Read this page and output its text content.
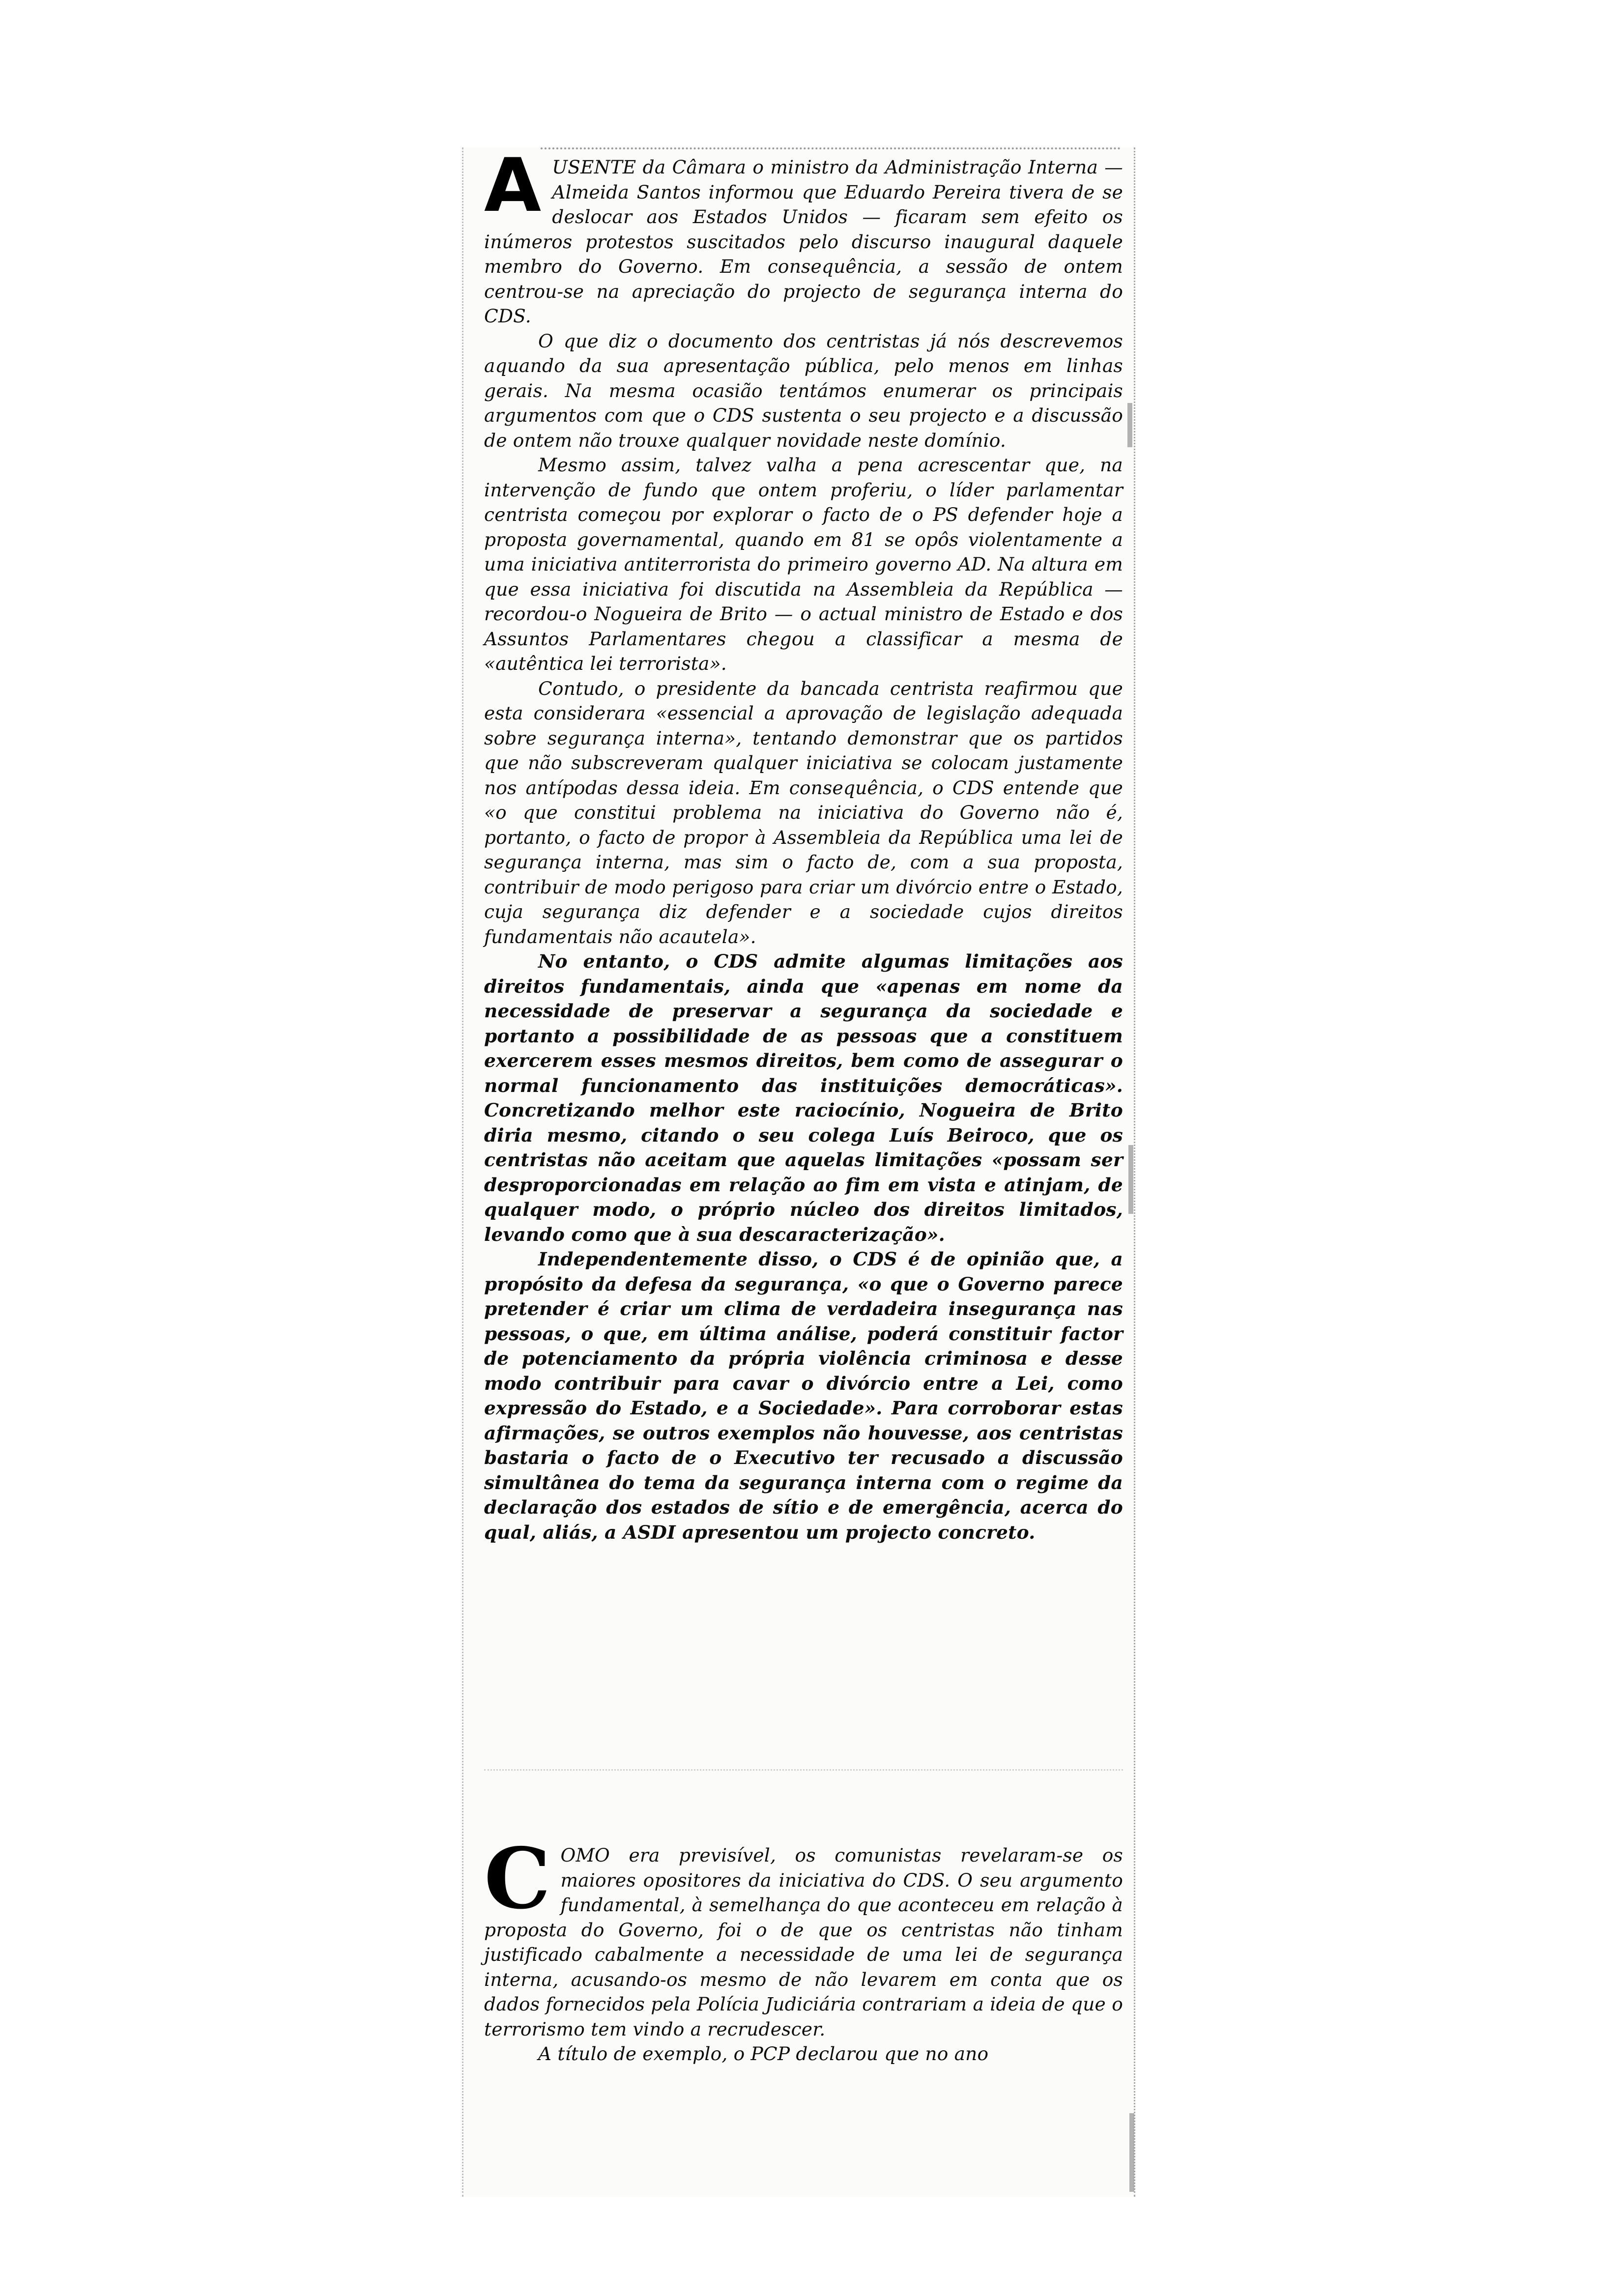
AUSENTE da Câmara o ministro da Administração Interna — Almeida Santos informou que Eduardo Pereira tivera de se deslocar aos Estados Unidos — ficaram sem efeito os inúmeros protestos suscitados pelo discurso inaugural daquele membro do Governo. Em consequência, a sessão de ontem centrou-se na apreciação do projecto de segurança interna do CDS.

O que diz o documento dos centristas já nós descrevemos aquando da sua apresentação pública, pelo menos em linhas gerais. Na mesma ocasião tentámos enumerar os principais argumentos com que o CDS sustenta o seu projecto e a discussão de ontem não trouxe qualquer novidade neste domínio.

Mesmo assim, talvez valha a pena acrescentar que, na intervenção de fundo que ontem proferiu, o líder parlamentar centrista começou por explorar o facto de o PS defender hoje a proposta governamental, quando em 81 se opôs violentamente a uma iniciativa antiterrorista do primeiro governo AD. Na altura em que essa iniciativa foi discutida na Assembleia da República — recordou-o Nogueira de Brito — o actual ministro de Estado e dos Assuntos Parlamentares chegou a classificar a mesma de «autêntica lei terrorista».

Contudo, o presidente da bancada centrista reafirmou que esta considerara «essencial a aprovação de legislação adequada sobre segurança interna», tentando demonstrar que os partidos que não subscreveram qualquer iniciativa se colocam justamente nos antípodas dessa ideia. Em consequência, o CDS entende que «o que constitui problema na iniciativa do Governo não é, portanto, o facto de propor à Assembleia da República uma lei de segurança interna, mas sim o facto de, com a sua proposta, contribuir de modo perigoso para criar um divórcio entre o Estado, cuja segurança diz defender e a sociedade cujos direitos fundamentais não acautela».

No entanto, o CDS admite algumas limitações aos direitos fundamentais, ainda que «apenas em nome da necessidade de preservar a segurança da sociedade e portanto a possibilidade de as pessoas que a constituem exercerem esses mesmos direitos, bem como de assegurar o normal funcionamento das instituições democráticas». Concretizando melhor este raciocínio, Nogueira de Brito diria mesmo, citando o seu colega Luís Beiroco, que os centristas não aceitam que aquelas limitações «possam ser desproporcionadas em relação ao fim em vista e atinjam, de qualquer modo, o próprio núcleo dos direitos limitados, levando como que à sua descaracterização».

Independentemente disso, o CDS é de opinião que, a propósito da defesa da segurança, «o que o Governo parece pretender é criar um clima de verdadeira insegurança nas pessoas, o que, em última análise, poderá constituir factor de potenciamento da própria violência criminosa e desse modo contribuir para cavar o divórcio entre a Lei, como expressão do Estado, e a Sociedade». Para corroborar estas afirmações, se outros exemplos não houvesse, aos centristas bastaria o facto de o Executivo ter recusado a discussão simultânea do tema da segurança interna com o regime da declaração dos estados de sítio e de emergência, acerca do qual, aliás, a ASDI apresentou um projecto concreto.

COMO era previsível, os comunistas revelaram-se os maiores opositores da iniciativa do CDS. O seu argumento fundamental, à semelhança do que aconteceu em relação à proposta do Governo, foi o de que os centristas não tinham justificado cabalmente a necessidade de uma lei de segurança interna, acusando-os mesmo de não levarem em conta que os dados fornecidos pela Polícia Judiciária contrariam a ideia de que o terrorismo tem vindo a recrudescer.

A título de exemplo, o PCP declarou que no ano
